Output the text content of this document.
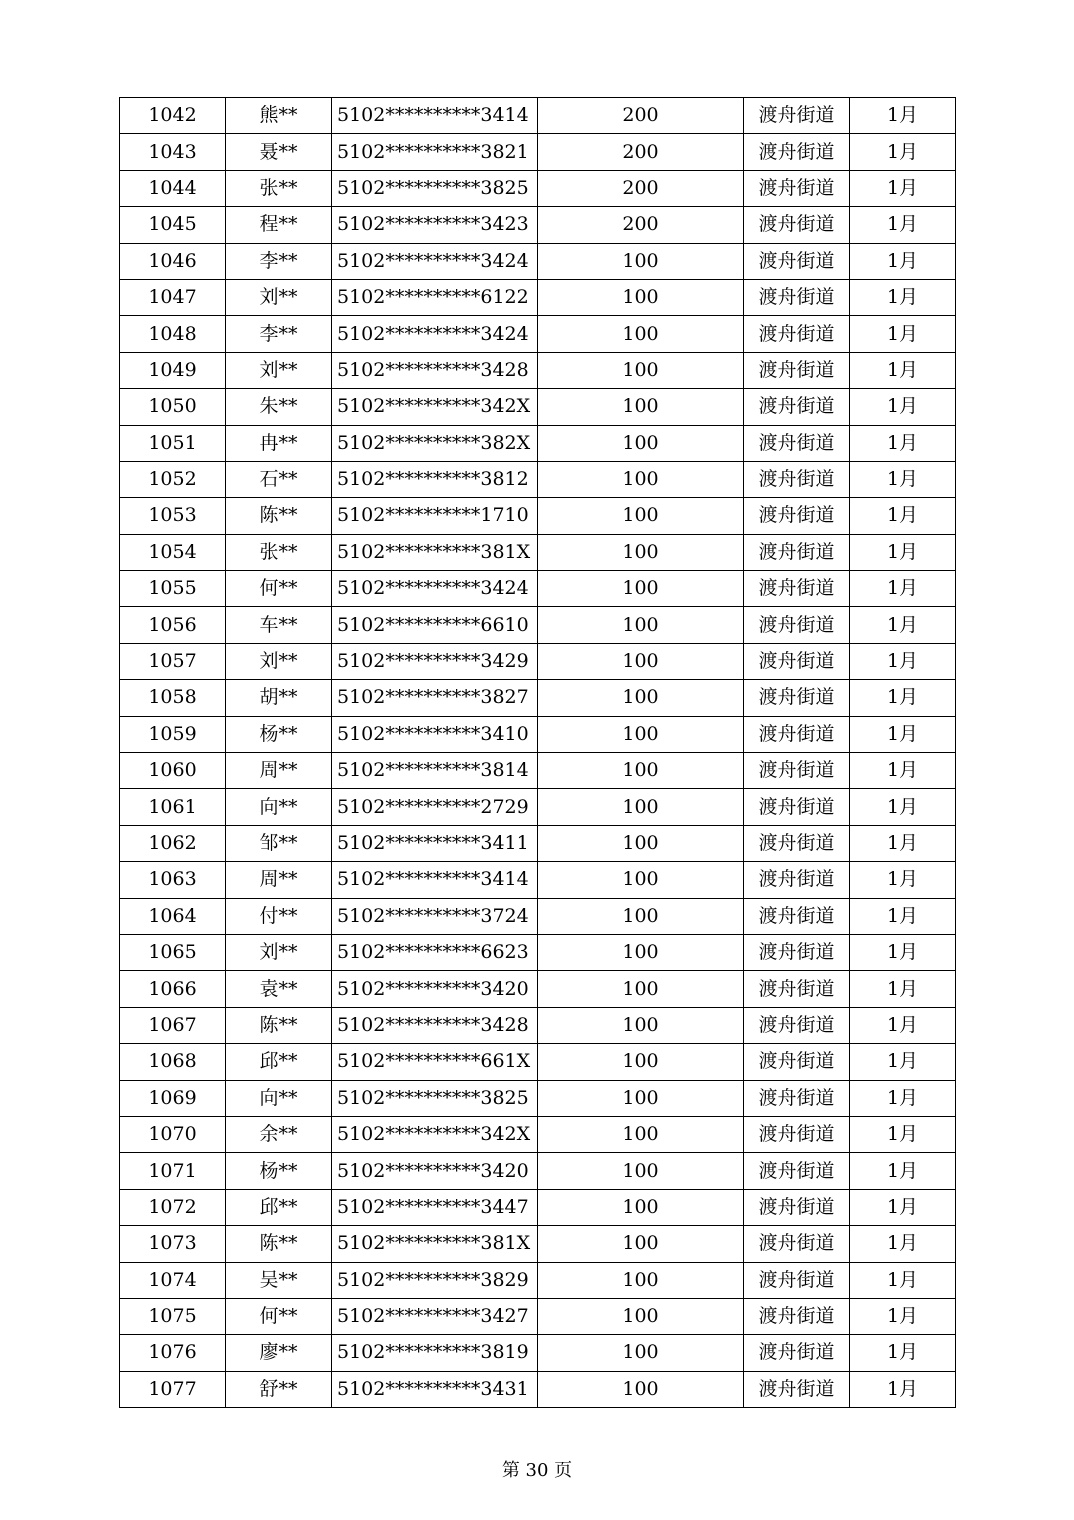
1042	熊**	5102**********3414	200	渡舟街道	1月
1043	聂**	5102**********3821	200	渡舟街道	1月
1044	张**	5102**********3825	200	渡舟街道	1月
1045	程**	5102**********3423	200	渡舟街道	1月
1046	李**	5102**********3424	100	渡舟街道	1月
1047	刘**	5102**********6122	100	渡舟街道	1月
1048	李**	5102**********3424	100	渡舟街道	1月
1049	刘**	5102**********3428	100	渡舟街道	1月
1050	朱**	5102**********342X	100	渡舟街道	1月
1051	冉**	5102**********382X	100	渡舟街道	1月
1052	石**	5102**********3812	100	渡舟街道	1月
1053	陈**	5102**********1710	100	渡舟街道	1月
1054	张**	5102**********381X	100	渡舟街道	1月
1055	何**	5102**********3424	100	渡舟街道	1月
1056	车**	5102**********6610	100	渡舟街道	1月
1057	刘**	5102**********3429	100	渡舟街道	1月
1058	胡**	5102**********3827	100	渡舟街道	1月
1059	杨**	5102**********3410	100	渡舟街道	1月
1060	周**	5102**********3814	100	渡舟街道	1月
1061	向**	5102**********2729	100	渡舟街道	1月
1062	邹**	5102**********3411	100	渡舟街道	1月
1063	周**	5102**********3414	100	渡舟街道	1月
1064	付**	5102**********3724	100	渡舟街道	1月
1065	刘**	5102**********6623	100	渡舟街道	1月
1066	袁**	5102**********3420	100	渡舟街道	1月
1067	陈**	5102**********3428	100	渡舟街道	1月
1068	邱**	5102**********661X	100	渡舟街道	1月
1069	向**	5102**********3825	100	渡舟街道	1月
1070	余**	5102**********342X	100	渡舟街道	1月
1071	杨**	5102**********3420	100	渡舟街道	1月
1072	邱**	5102**********3447	100	渡舟街道	1月
1073	陈**	5102**********381X	100	渡舟街道	1月
1074	吴**	5102**********3829	100	渡舟街道	1月
1075	何**	5102**********3427	100	渡舟街道	1月
1076	廖**	5102**********3819	100	渡舟街道	1月
1077	舒**	5102**********3431	100	渡舟街道	1月
第 30 页
